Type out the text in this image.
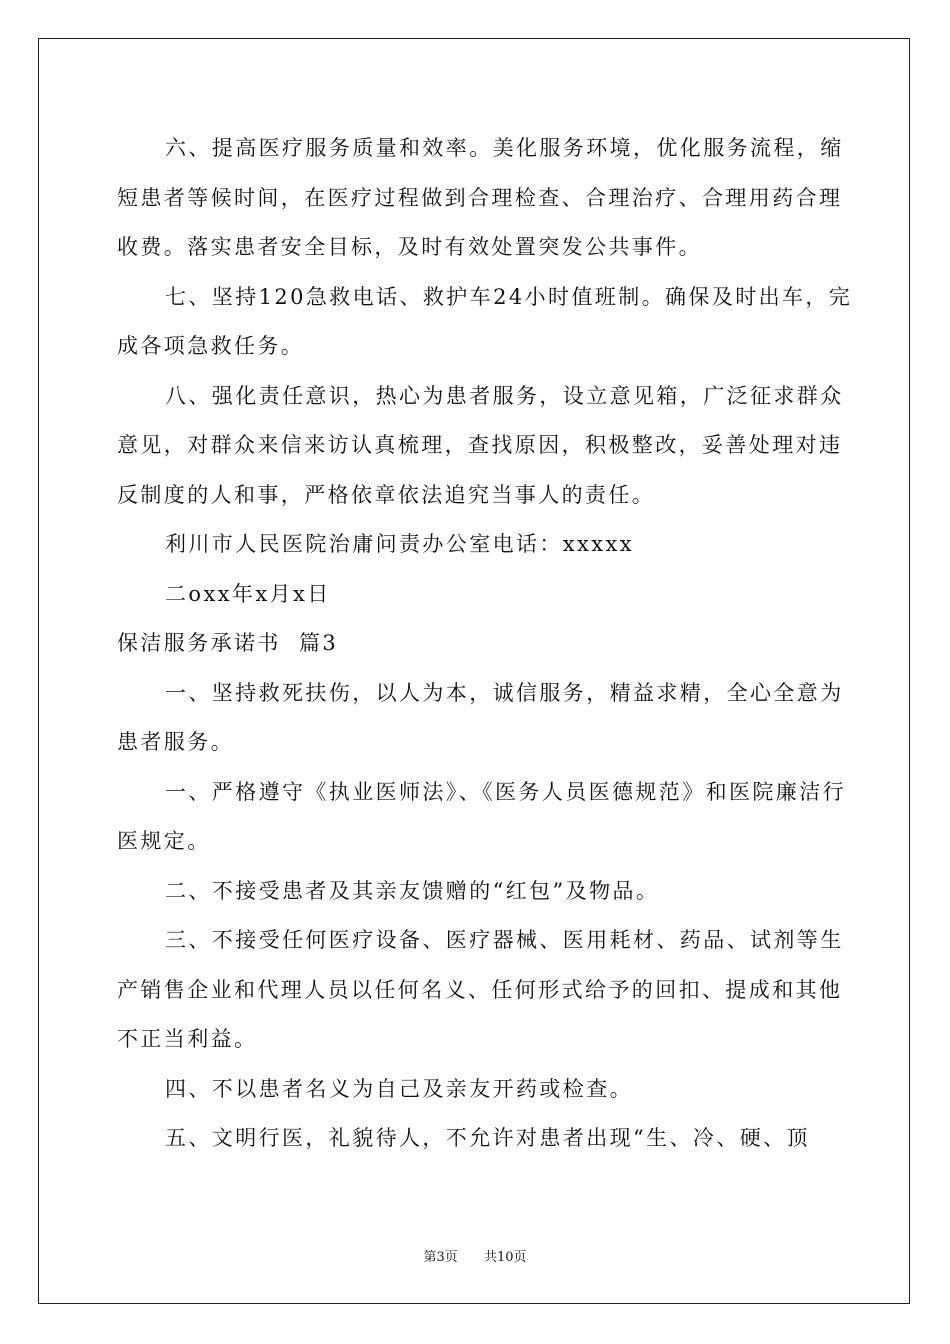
六、提高医疗服务质量和效率。美化服务环境，优化服务流程，缩短患者等候时间，在医疗过程做到合理检查、合理治疗、合理用药合理收费。落实患者安全目标，及时有效处置突发公共事件。

七、坚持120急救电话、救护车24小时值班制。确保及时出车，完成各项急救任务。

八、强化责任意识，热心为患者服务，设立意见箱，广泛征求群众意见，对群众来信来访认真梳理，查找原因，积极整改，妥善处理对违反制度的人和事，严格依章依法追究当事人的责任。

利川市人民医院治庸问责办公室电话：xxxxx

二oxx年x月x日

保洁服务承诺书  篇3

一、坚持救死扶伤，以人为本，诚信服务，精益求精，全心全意为患者服务。

一、严格遵守《执业医师法》、《医务人员医德规范》和医院廉洁行医规定。

二、不接受患者及其亲友馈赠的“红包”及物品。

三、不接受任何医疗设备、医疗器械、医用耗材、药品、试剂等生产销售企业和代理人员以任何名义、任何形式给予的回扣、提成和其他不正当利益。

四、不以患者名义为自己及亲友开药或检查。

五、文明行医，礼貌待人，不允许对患者出现“生、冷、硬、顶

第3页 共10页
